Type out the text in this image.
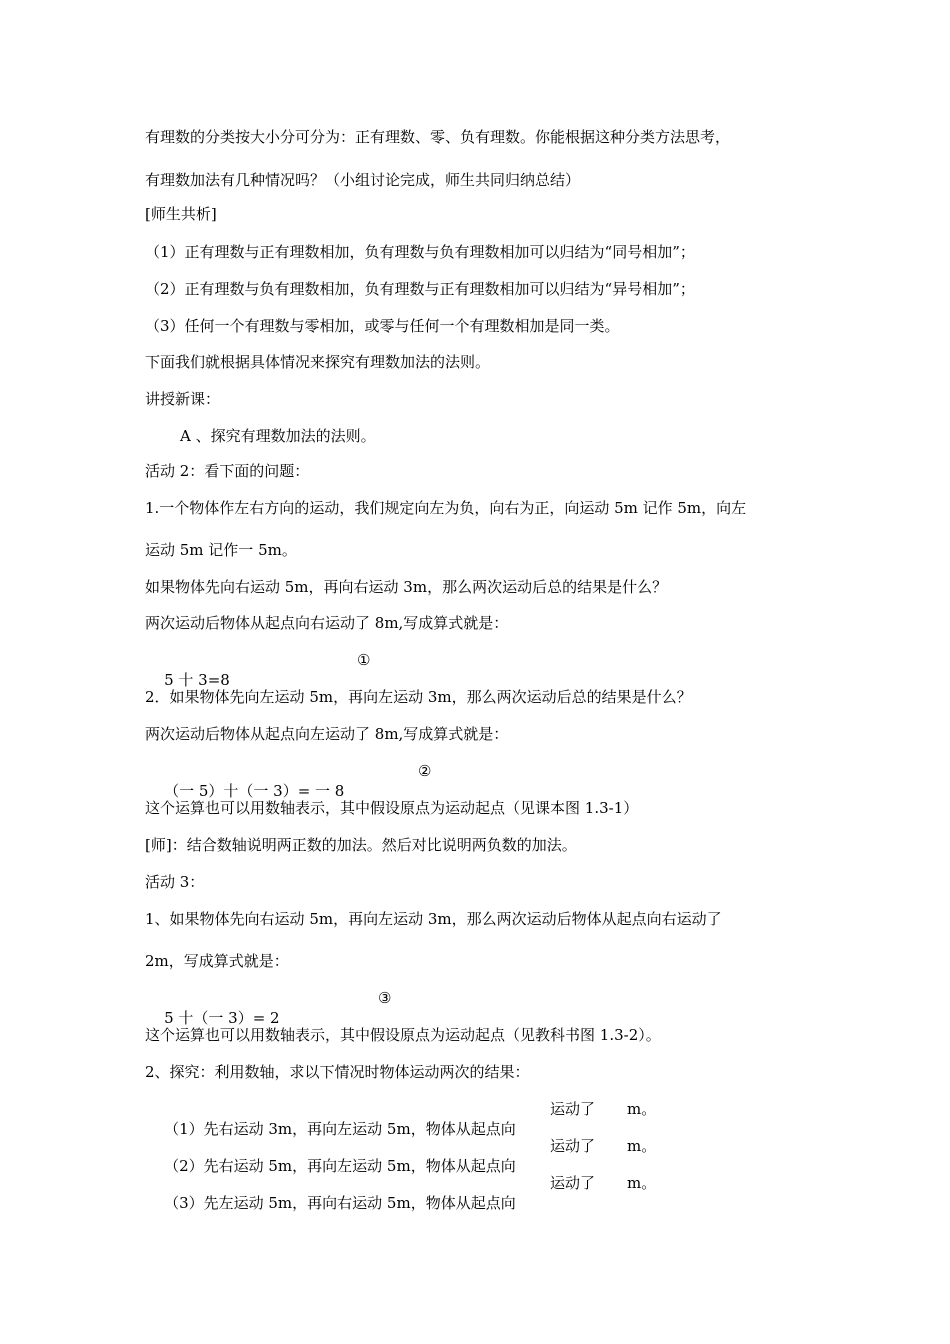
有理数的分类按大小分可分为：正有理数、零、负有理数。你能根据这种分类方法思考，
有理数加法有几种情况吗？（小组讨论完成，师生共同归纳总结）
[师生共析]
（1）正有理数与正有理数相加，负有理数与负有理数相加可以归结为“同号相加”；
（2）正有理数与负有理数相加，负有理数与正有理数相加可以归结为“异号相加”；
（3）任何一个有理数与零相加，或零与任何一个有理数相加是同一类。
下面我们就根据具体情况来探究有理数加法的法则。
讲授新课：
A 、探究有理数加法的法则。
活动 2：看下面的问题：
1.一个物体作左右方向的运动，我们规定向左为负，向右为正，向运动 5m 记作 5m，向左
运动 5m 记作一 5m。
如果物体先向右运动 5m，再向右运动 3m，那么两次运动后总的结果是什么？
两次运动后物体从起点向右运动了 8m,写成算式就是：

5 十 3=8

①
2．如果物体先向左运动 5m，再向左运动 3m，那么两次运动后总的结果是什么？
两次运动后物体从起点向左运动了 8m,写成算式就是：

（一 5）十（一 3）= 一 8

②
这个运算也可以用数轴表示，其中假设原点为运动起点（见课本图 1.3-1）
[师]：结合数轴说明两正数的加法。然后对比说明两负数的加法。
活动 3：
1、如果物体先向右运动 5m，再向左运动 3m，那么两次运动后物体从起点向右运动了
2m，写成算式就是：

5 十（一 3）= 2

③
这个运算也可以用数轴表示，其中假设原点为运动起点（见教科书图 1.3-2）。
2、探究：利用数轴，求以下情况时物体运动两次的结果：

（1）先右运动 3m，再向左运动 5m，物体从起点向

运动了 m。

（2）先右运动 5m，再向左运动 5m，物体从起点向

运动了 m。

（3）先左运动 5m，再向右运动 5m，物体从起点向

运动了 m。
